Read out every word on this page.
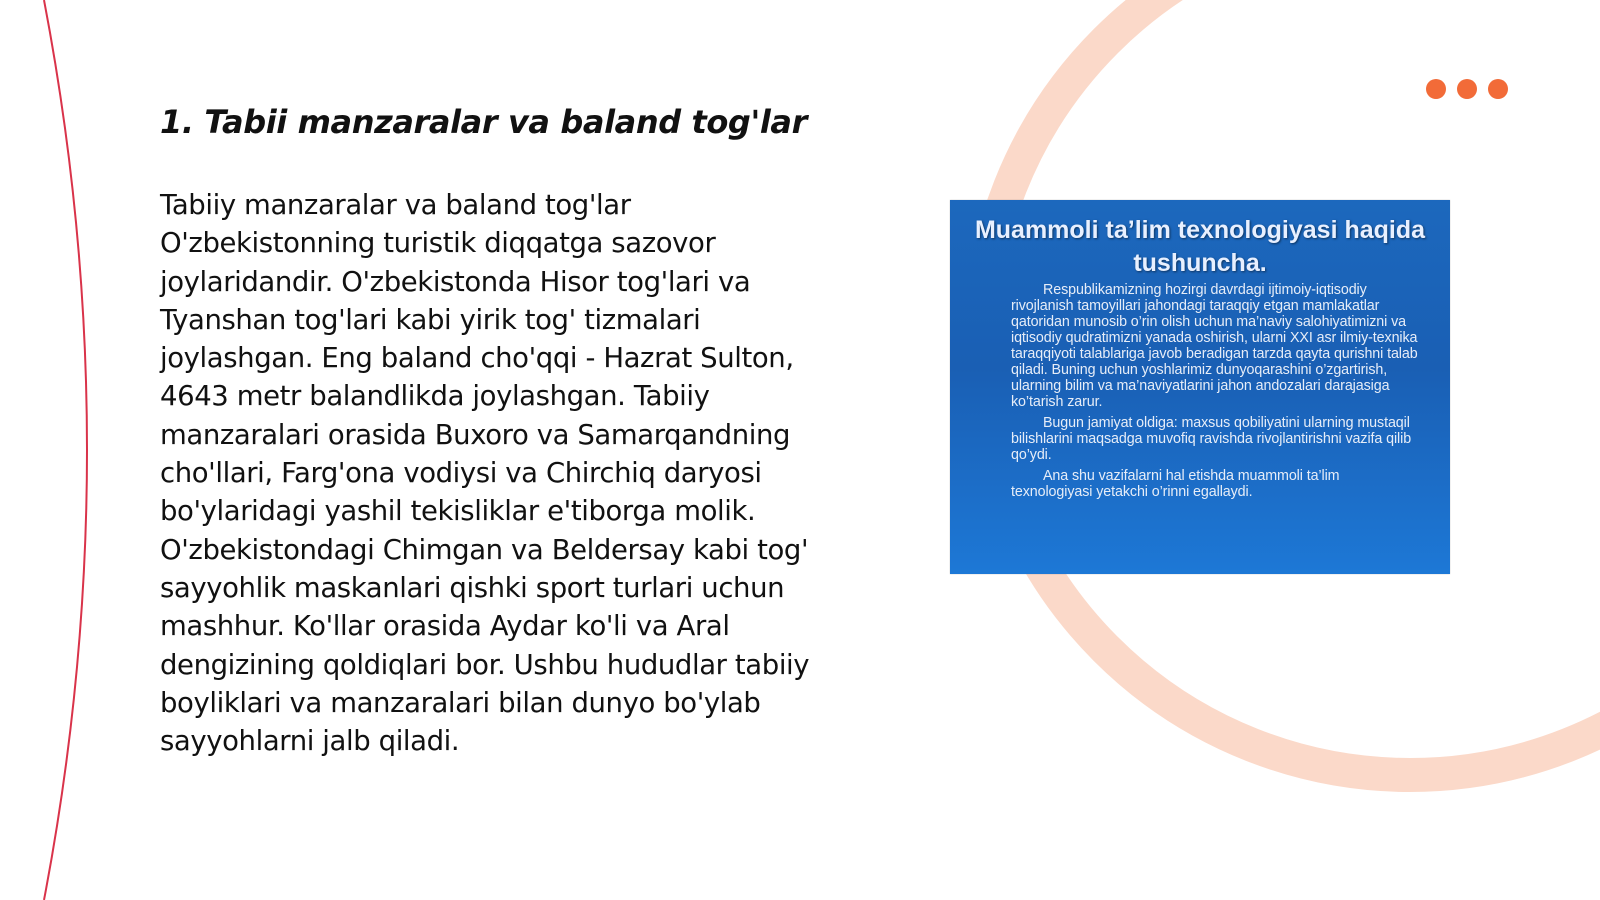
1. Tabii manzaralar va baland tog'lar

Tabiiy manzaralar va baland tog'lar O'zbekistonning turistik diqqatga sazovor joylaridandir. O'zbekistonda Hisor tog'lari va Tyanshan tog'lari kabi yirik tog' tizmalari joylashgan. Eng baland cho'qqi - Hazrat Sulton, 4643 metr balandlikda joylashgan. Tabiiy manzaralari orasida Buxoro va Samarqandning cho'llari, Farg'ona vodiysi va Chirchiq daryosi bo'ylaridagi yashil tekisliklar e'tiborga molik. O'zbekistondagi Chimgan va Beldersay kabi tog' sayyohlik maskanlari qishki sport turlari uchun mashhur. Ko'llar orasida Aydar ko'li va Aral dengizining qoldiqlari bor. Ushbu hududlar tabiiy boyliklari va manzaralari bilan dunyo bo'ylab sayyohlarni jalb qiladi.

Muammoli ta’lim texnologiyasi haqida tushuncha.

Respublikamizning hozirgi davrdagi ijtimoiy-iqtisodiy rivojlanish tamoyillari jahondagi taraqqiy etgan mamlakatlar qatoridan munosib o’rin olish uchun ma’naviy salohiyatimizni va iqtisodiy qudratimizni yanada oshirish, ularni XXI asr ilmiy-texnika taraqqiyoti talablariga javob beradigan tarzda qayta qurishni talab qiladi. Buning uchun yoshlarimiz dunyoqarashini o’zgartirish, ularning bilim va ma’naviyatlarini jahon andozalari darajasiga ko’tarish zarur.

Bugun jamiyat oldiga: maxsus qobiliyatini ularning mustaqil bilishlarini maqsadga muvofiq ravishda rivojlantirishni vazifa qilib qo’ydi.

Ana shu vazifalarni hal etishda muammoli ta’lim texnologiyasi yetakchi o’rinni egallaydi.
